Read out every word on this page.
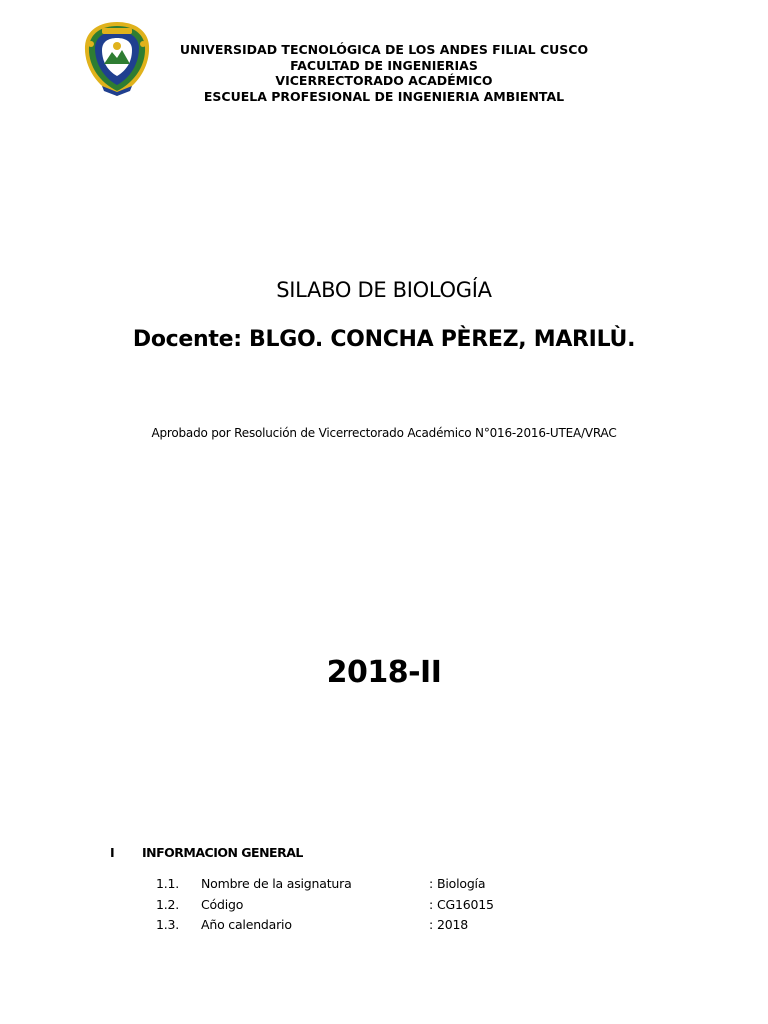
UNIVERSIDAD TECNOLÓGICA DE LOS ANDES FILIAL CUSCO
FACULTAD DE INGENIERIAS
VICERRECTORADO ACADÉMICO
ESCUELA PROFESIONAL DE INGENIERIA AMBIENTAL
SILABO DE BIOLOGÍA
Docente: BLGO. CONCHA PÈREZ, MARILÙ.
Aprobado por Resolución de Vicerrectorado Académico N°016-2016-UTEA/VRAC
2018-II
I INFORMACION GENERAL
1.1. Nombre de la asignatura	: Biología
1.2. Código	: CG16015
1.3. Año calendario	: 2018
